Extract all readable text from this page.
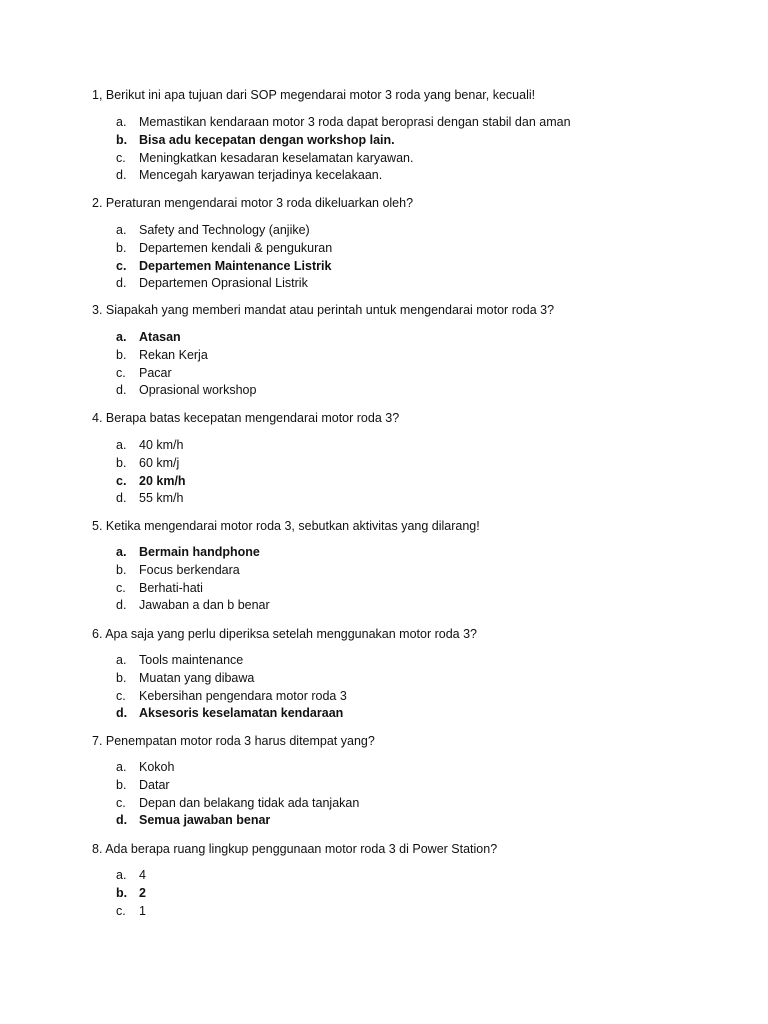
1, Berikut ini apa tujuan dari SOP megendarai motor 3 roda yang benar, kecuali!
a. Memastikan kendaraan motor 3 roda dapat beroprasi dengan stabil dan aman
b. Bisa adu kecepatan dengan workshop lain.
c. Meningkatkan kesadaran keselamatan karyawan.
d. Mencegah karyawan terjadinya kecelakaan.
2. Peraturan mengendarai motor 3 roda dikeluarkan oleh?
a. Safety and Technology (anjike)
b. Departemen kendali & pengukuran
c. Departemen Maintenance Listrik
d. Departemen Oprasional Listrik
3. Siapakah yang memberi mandat atau perintah untuk mengendarai motor roda 3?
a. Atasan
b. Rekan Kerja
c. Pacar
d. Oprasional workshop
4. Berapa batas kecepatan mengendarai motor roda 3?
a. 40 km/h
b. 60 km/j
c. 20 km/h
d. 55 km/h
5. Ketika mengendarai motor roda 3, sebutkan aktivitas yang dilarang!
a. Bermain handphone
b. Focus berkendara
c. Berhati-hati
d. Jawaban a dan b benar
6. Apa saja yang perlu diperiksa setelah menggunakan motor roda 3?
a. Tools maintenance
b. Muatan yang dibawa
c. Kebersihan pengendara motor roda 3
d. Aksesoris keselamatan kendaraan
7. Penempatan motor roda 3 harus ditempat yang?
a. Kokoh
b. Datar
c. Depan dan belakang tidak ada tanjakan
d. Semua jawaban benar
8. Ada berapa ruang lingkup penggunaan motor roda 3 di Power Station?
a. 4
b. 2
c. 1
